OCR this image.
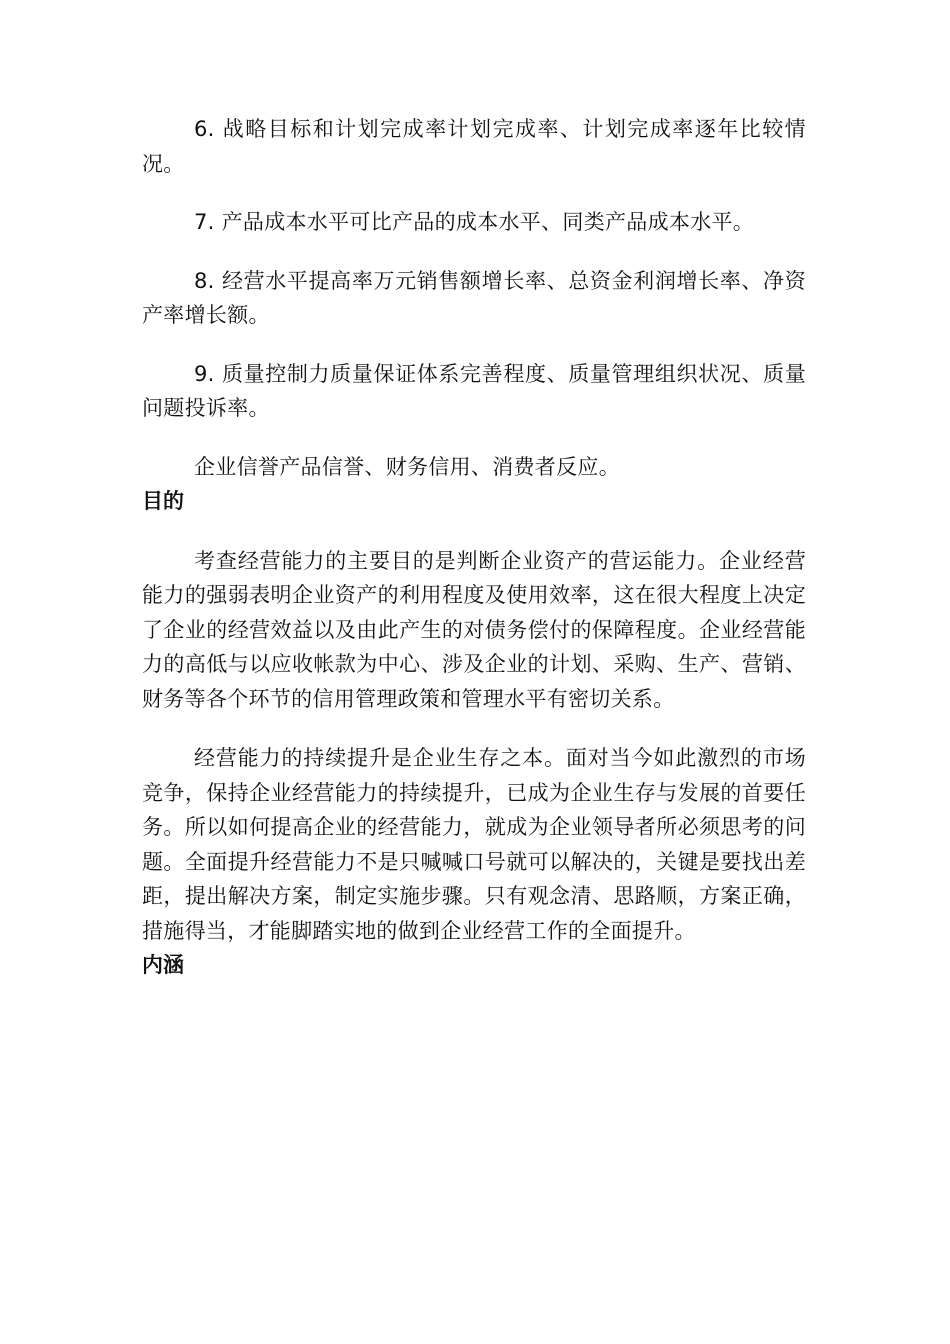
6. 战略目标和计划完成率计划完成率、计划完成率逐年比较情况。

7. 产品成本水平可比产品的成本水平、同类产品成本水平。

8. 经营水平提高率万元销售额增长率、总资金利润增长率、净资产率增长额。

9. 质量控制力质量保证体系完善程度、质量管理组织状况、质量问题投诉率。

企业信誉产品信誉、财务信用、消费者反应。

目的

考查经营能力的主要目的是判断企业资产的营运能力。企业经营能力的强弱表明企业资产的利用程度及使用效率，这在很大程度上决定了企业的经营效益以及由此产生的对债务偿付的保障程度。企业经营能力的高低与以应收帐款为中心、涉及企业的计划、采购、生产、营销、财务等各个环节的信用管理政策和管理水平有密切关系。

经营能力的持续提升是企业生存之本。面对当今如此激烈的市场竞争，保持企业经营能力的持续提升，已成为企业生存与发展的首要任务。所以如何提高企业的经营能力，就成为企业领导者所必须思考的问题。全面提升经营能力不是只喊喊口号就可以解决的，关键是要找出差距，提出解决方案，制定实施步骤。只有观念清、思路顺，方案正确，措施得当，才能脚踏实地的做到企业经营工作的全面提升。

内涵
